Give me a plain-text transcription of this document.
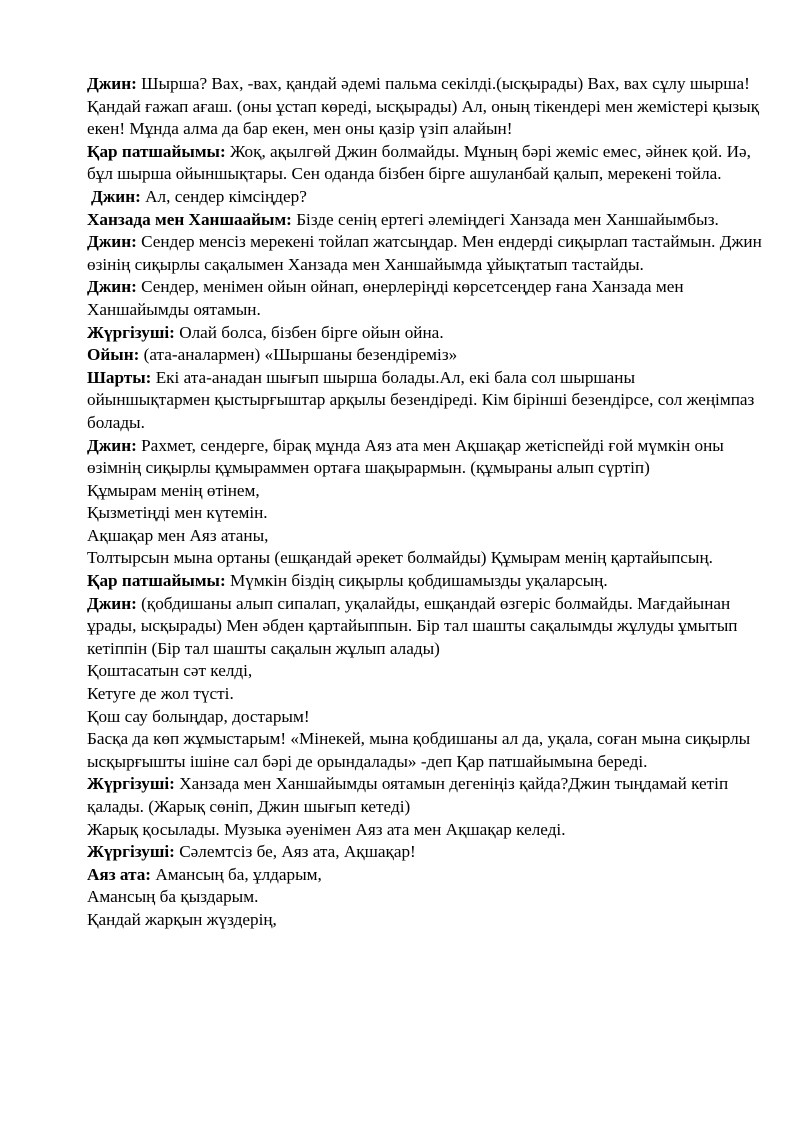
Джин: Шырша? Вах, -вах, қандай әдемі пальма секілді.(ысқырады) Вах, вах сұлу шырша! Қандай ғажап ағаш. (оны ұстап көреді, ысқырады) Ал, оның тікендері мен жемістері қызық екен! Мұнда алма да бар екен, мен оны қазір үзіп алайын!

Қар патшайымы: Жоқ, ақылгөй Джин болмайды. Мұның бәрі жеміс емес, әйнек қой. Иә, бұл шырша ойыншықтары. Сен оданда бізбен бірге ашуланбай қалып, мерекені тойла.

Джин: Ал, сендер кімсіңдер?

Ханзада мен Ханшаайым: Бізде сенің ертегі әлеміңдегі Ханзада мен Ханшайымбыз.

Джин: Сендер менсіз мерекені тойлап жатсыңдар. Мен ендерді сиқырлап тастаймын. Джин өзінің сиқырлы сақалымен Ханзада мен Ханшайымда ұйықтатып тастайды.

Джин: Сендер, менімен ойын ойнап, өнерлеріңді көрсетсеңдер ғана Ханзада мен Ханшайымды оятамын.

Жүргізуші: Олай болса, бізбен бірге ойын ойна.

Ойын: (ата-аналармен) «Шыршаны безендіреміз»

Шарты: Екі ата-анадан шығып шырша болады.Ал, екі бала сол шыршаны ойыншықтармен қыстырғыштар арқылы безендіреді. Кім бірінші безендірсе, сол жеңімпаз болады.

Джин: Рахмет, сендерге, бірақ мұнда Аяз ата мен Ақшақар жетіспейді ғой мүмкін оны өзімнің сиқырлы құмыраммен ортаға шақырармын. (құмыраны алып сүртіп)

Құмырам менің өтінем,

Қызметіңді мен күтемін.

Ақшақар мен Аяз атаны,

Толтырсын мына ортаны (ешқандай әрекет болмайды) Құмырам менің қартайыпсың.

Қар патшайымы: Мүмкін біздің сиқырлы қобдишамызды уқаларсың.

Джин: (қобдишаны алып сипалап, уқалайды, ешқандай өзгеріс болмайды. Мағдайынан ұрады, ысқырады) Мен әбден қартайыппын. Бір тал шашты сақалымды жұлуды ұмытып кетіппін (Бір тал шашты сақалын жұлып алады)

Қоштасатын сәт келді,

Кетуге де жол түсті.

Қош сау болыңдар, достарым!

Басқа да көп жұмыстарым! «Мінекей, мына қобдишаны ал да, уқала, соған мына сиқырлы ысқырғышты ішіне сал бәрі де орындалады» -деп Қар патшайымына береді.

Жүргізуші: Ханзада мен Ханшайымды оятамын дегеніңіз қайда?Джин тыңдамай кетіп қалады. (Жарық сөніп, Джин шығып кетеді)

Жарық қосылады. Музыка әуенімен Аяз ата мен Ақшақар келеді.

Жүргізуші: Сәлемтсіз бе, Аяз ата, Ақшақар!

Аяз ата: Амансың ба, ұлдарым,

Амансың ба қыздарым.

Қандай жарқын жүздерің,
